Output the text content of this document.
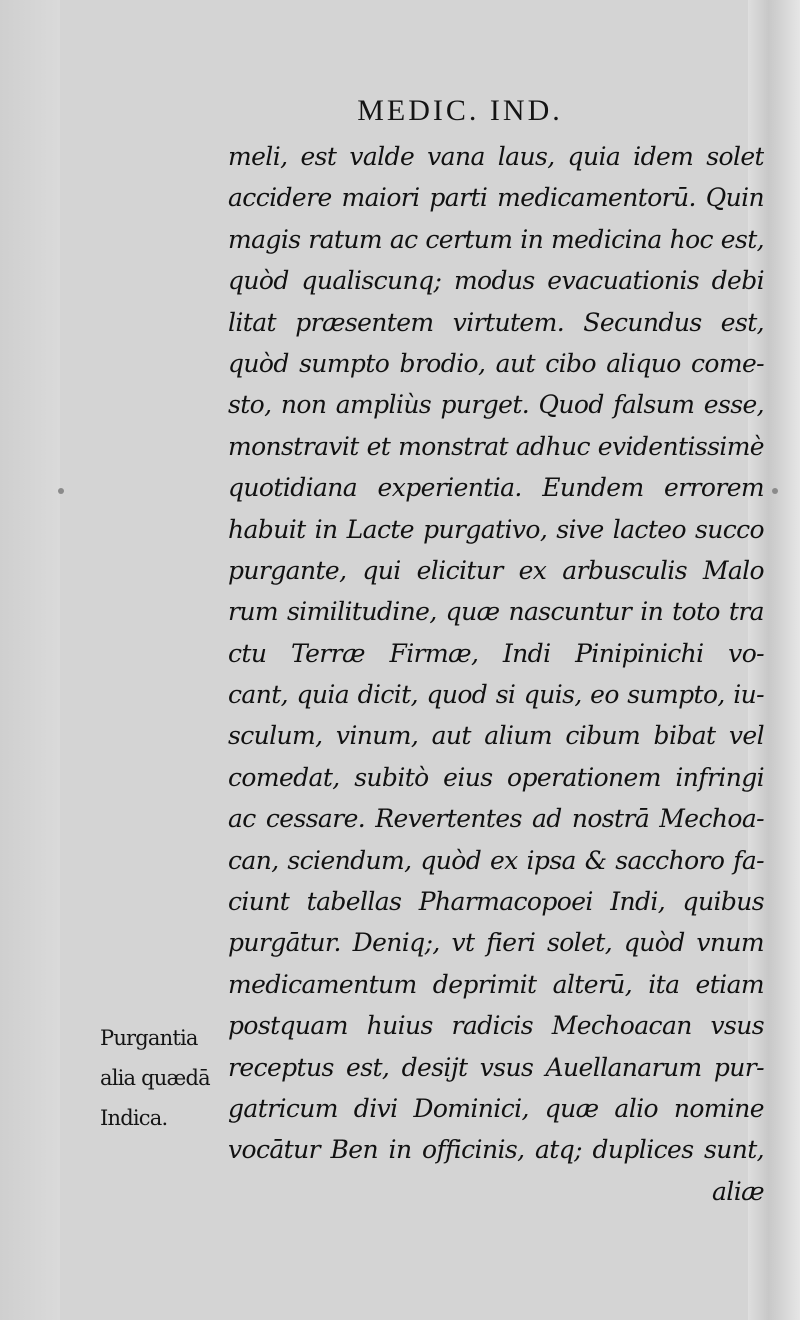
MEDIC. IND.
meli, est valde vana laus, quia idem solet
accidere maiori parti medicamentorū. Quin
magis ratum ac certum in medicina hoc est,
quòd qualiscunq; modus evacuationis debi
litat præsentem virtutem. Secundus est,
quòd sumpto brodio, aut cibo aliquo come-
sto, non ampliùs purget. Quod falsum esse,
monstravit et monstrat adhuc evidentissimè
quotidiana experientia. Eundem errorem
habuit in Lacte purgativo, sive lacteo succo
purgante, qui elicitur ex arbusculis Malo
rum similitudine, quæ nascuntur in toto tra
ctu Terræ Firmæ, Indi Pinipinichi vo-
cant, quia dicit, quod si quis, eo sumpto, iu-
sculum, vinum, aut alium cibum bibat vel
comedat, subitò eius operationem infringi
ac cessare. Revertentes ad nostrā Mechoa-
can, sciendum, quòd ex ipsa & sacchoro fa-
ciunt tabellas Pharmacopoei Indi, quibus
purgātur. Deniq;, vt fieri solet, quòd vnum
medicamentum deprimit alterū, ita etiam
postquam huius radicis Mechoacan vsus
receptus est, desijt vsus Auellanarum pur-
gatricum divi Dominici, quæ alio nomine
vocātur Ben in officinis, atq; duplices sunt,
aliæ
Purgantia
alia quædā
Indica.
